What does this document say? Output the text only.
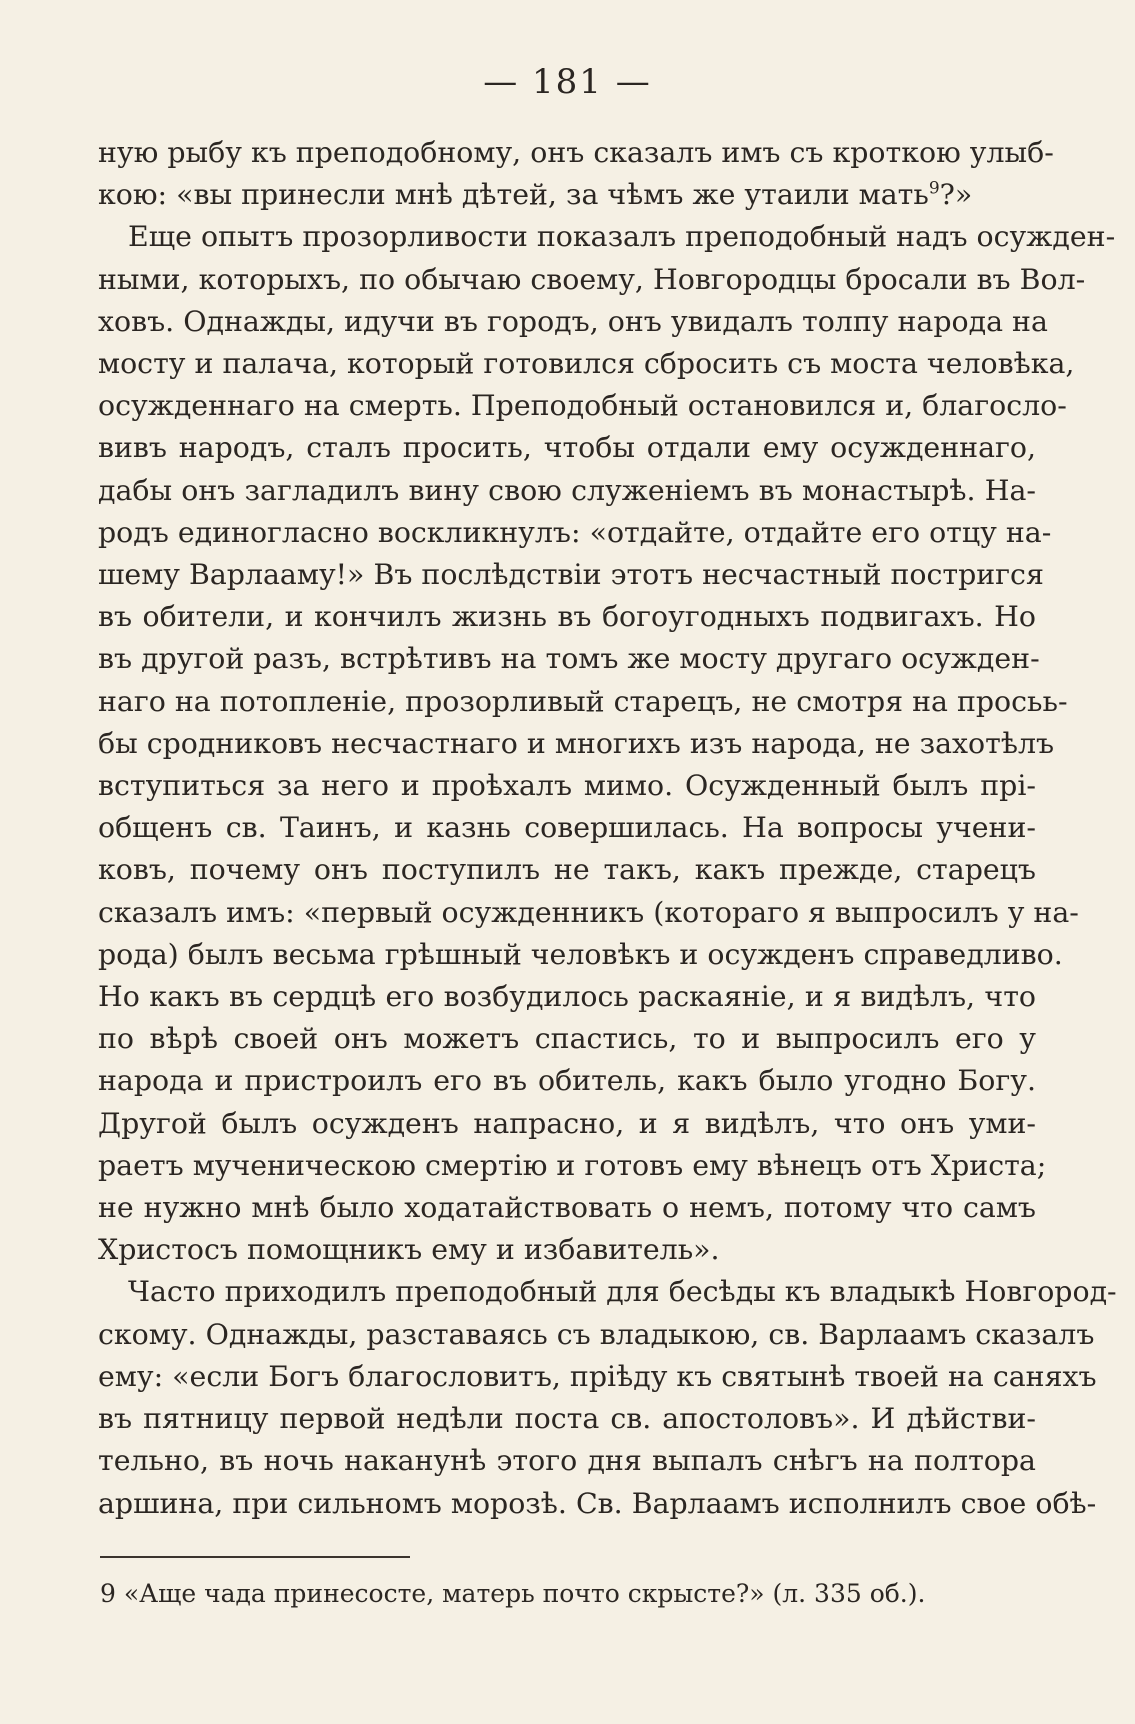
— 181 —
ную рыбу къ преподобному, онъ сказалъ имъ съ кроткою улыб-
кою: «вы принесли мнѣ дѣтей, за чѣмъ же утаили мать$^9$?»
Еще опытъ прозорливости показалъ преподобный надъ осужден-
ными, которыхъ, по обычаю своему, Новгородцы бросали въ Вол-
ховъ. Однажды, идучи въ городъ, онъ увидалъ толпу народа на
мосту и палача, который готовился сбросить съ моста человѣка,
осужденнаго на смерть. Преподобный остановился и, благосло-
вивъ народъ, сталъ просить, чтобы отдали ему осужденнаго,
дабы онъ загладилъ вину свою служеніемъ въ монастырѣ. На-
родъ единогласно воскликнулъ: «отдайте, отдайте его отцу на-
шему Варлааму!» Въ послѣдствіи этотъ несчастный постригся
въ обители, и кончилъ жизнь въ богоугодныхъ подвигахъ. Но
въ другой разъ, встрѣтивъ на томъ же мосту другаго осужден-
наго на потопленіе, прозорливый старецъ, не смотря на просьь-
бы сродниковъ несчастнаго и многихъ изъ народа, не захотѣлъ
вступиться за него и проѣхалъ мимо. Осужденный былъ прі-
общенъ св. Таинъ, и казнь совершилась. На вопросы учени-
ковъ, почему онъ поступилъ не такъ, какъ прежде, старецъ
сказалъ имъ: «первый осужденникъ (котораго я выпросилъ у на-
рода) былъ весьма грѣшный человѣкъ и осужденъ справедливо.
Но какъ въ сердцѣ его возбудилось раскаяніе, и я видѣлъ, что
по вѣрѣ своей онъ можетъ спастись, то и выпросилъ его у
народа и пристроилъ его въ обитель, какъ было угодно Богу.
Другой былъ осужденъ напрасно, и я видѣлъ, что онъ уми-
раетъ мученическою смертію и готовъ ему вѣнецъ отъ Христа;
не нужно мнѣ было ходатайствовать о немъ, потому что самъ
Христосъ помощникъ ему и избавитель».
Часто приходилъ преподобный для бесѣды къ владыкѣ Новгород-
скому. Однажды, разставаясь съ владыкою, св. Варлаамъ сказалъ
ему: «если Богъ благословитъ, пріѣду къ святынѣ твоей на саняхъ
въ пятницу первой недѣли поста св. апостоловъ». И дѣйстви-
тельно, въ ночь наканунѣ этого дня выпалъ снѣгъ на полтора
аршина, при сильномъ морозѣ. Св. Варлаамъ исполнилъ свое обѣ-
9 «Аще чада принесосте, матерь почто скрысте?» (л. 335 об.).
